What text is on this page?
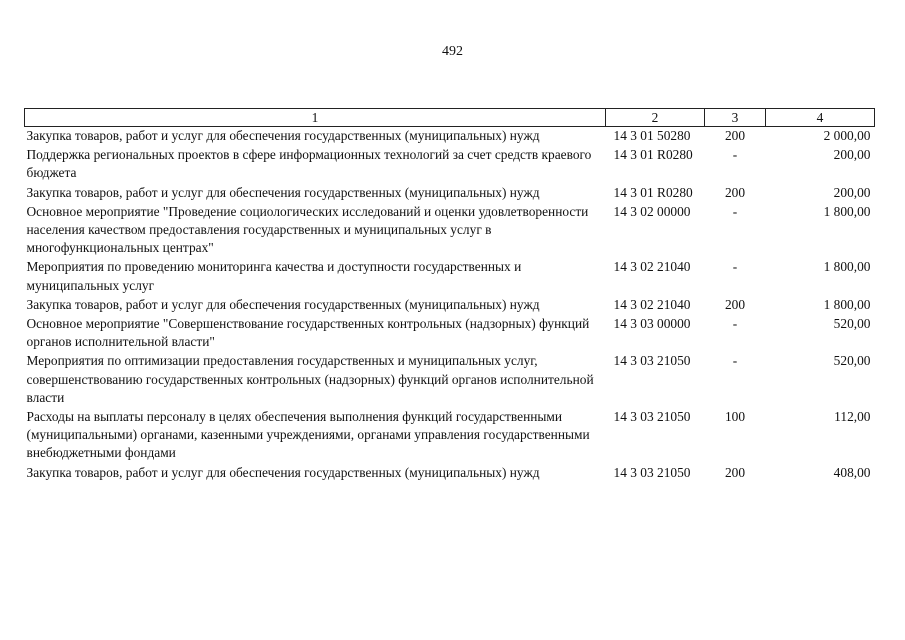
492
1	2	3	4
Закупка товаров, работ и услуг для обеспечения государственных (муниципальных) нужд	14 3 01 50280	200	2 000,00
Поддержка региональных проектов в сфере информационных технологий за счет средств краевого бюджета	14 3 01 R0280	-	200,00
Закупка товаров, работ и услуг для обеспечения государственных (муниципальных) нужд	14 3 01 R0280	200	200,00
Основное мероприятие "Проведение социологических исследований и оценки удовлетворенности населения качеством предоставления государственных и муниципальных услуг в многофункциональных центрах"	14 3 02 00000	-	1 800,00
Мероприятия по проведению мониторинга качества и доступности государственных и муниципальных услуг	14 3 02 21040	-	1 800,00
Закупка товаров, работ и услуг для обеспечения государственных (муниципальных) нужд	14 3 02 21040	200	1 800,00
Основное мероприятие "Совершенствование государственных контрольных (надзорных) функций органов исполнительной власти"	14 3 03 00000	-	520,00
Мероприятия по оптимизации предоставления государственных и муниципальных услуг, совершенствованию государственных контрольных (надзорных) функций органов исполнительной власти	14 3 03 21050	-	520,00
Расходы на выплаты персоналу в целях обеспечения выполнения функций государственными (муниципальными) органами, казенными учреждениями, органами управления государственными внебюджетными фондами	14 3 03 21050	100	112,00
Закупка товаров, работ и услуг для обеспечения государственных (муниципальных) нужд	14 3 03 21050	200	408,00
